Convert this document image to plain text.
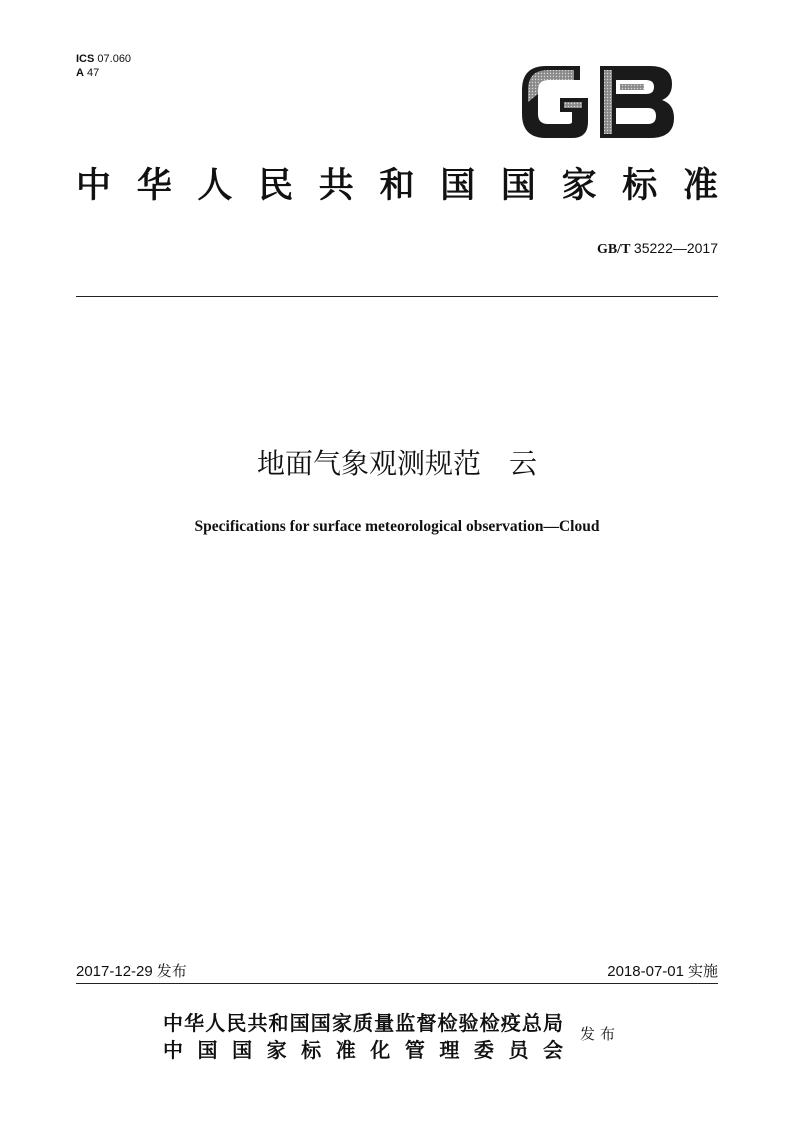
ICS 07.060
A 47
中华人民共和国国家标准
GB/T 35222—2017
地面气象观测规范　云
Specifications for surface meteorological observation—Cloud
2017-12-29 发布	2018-07-01 实施
中华人民共和国国家质量监督检验检疫总局
中国国家标准化管理委员会
发布
